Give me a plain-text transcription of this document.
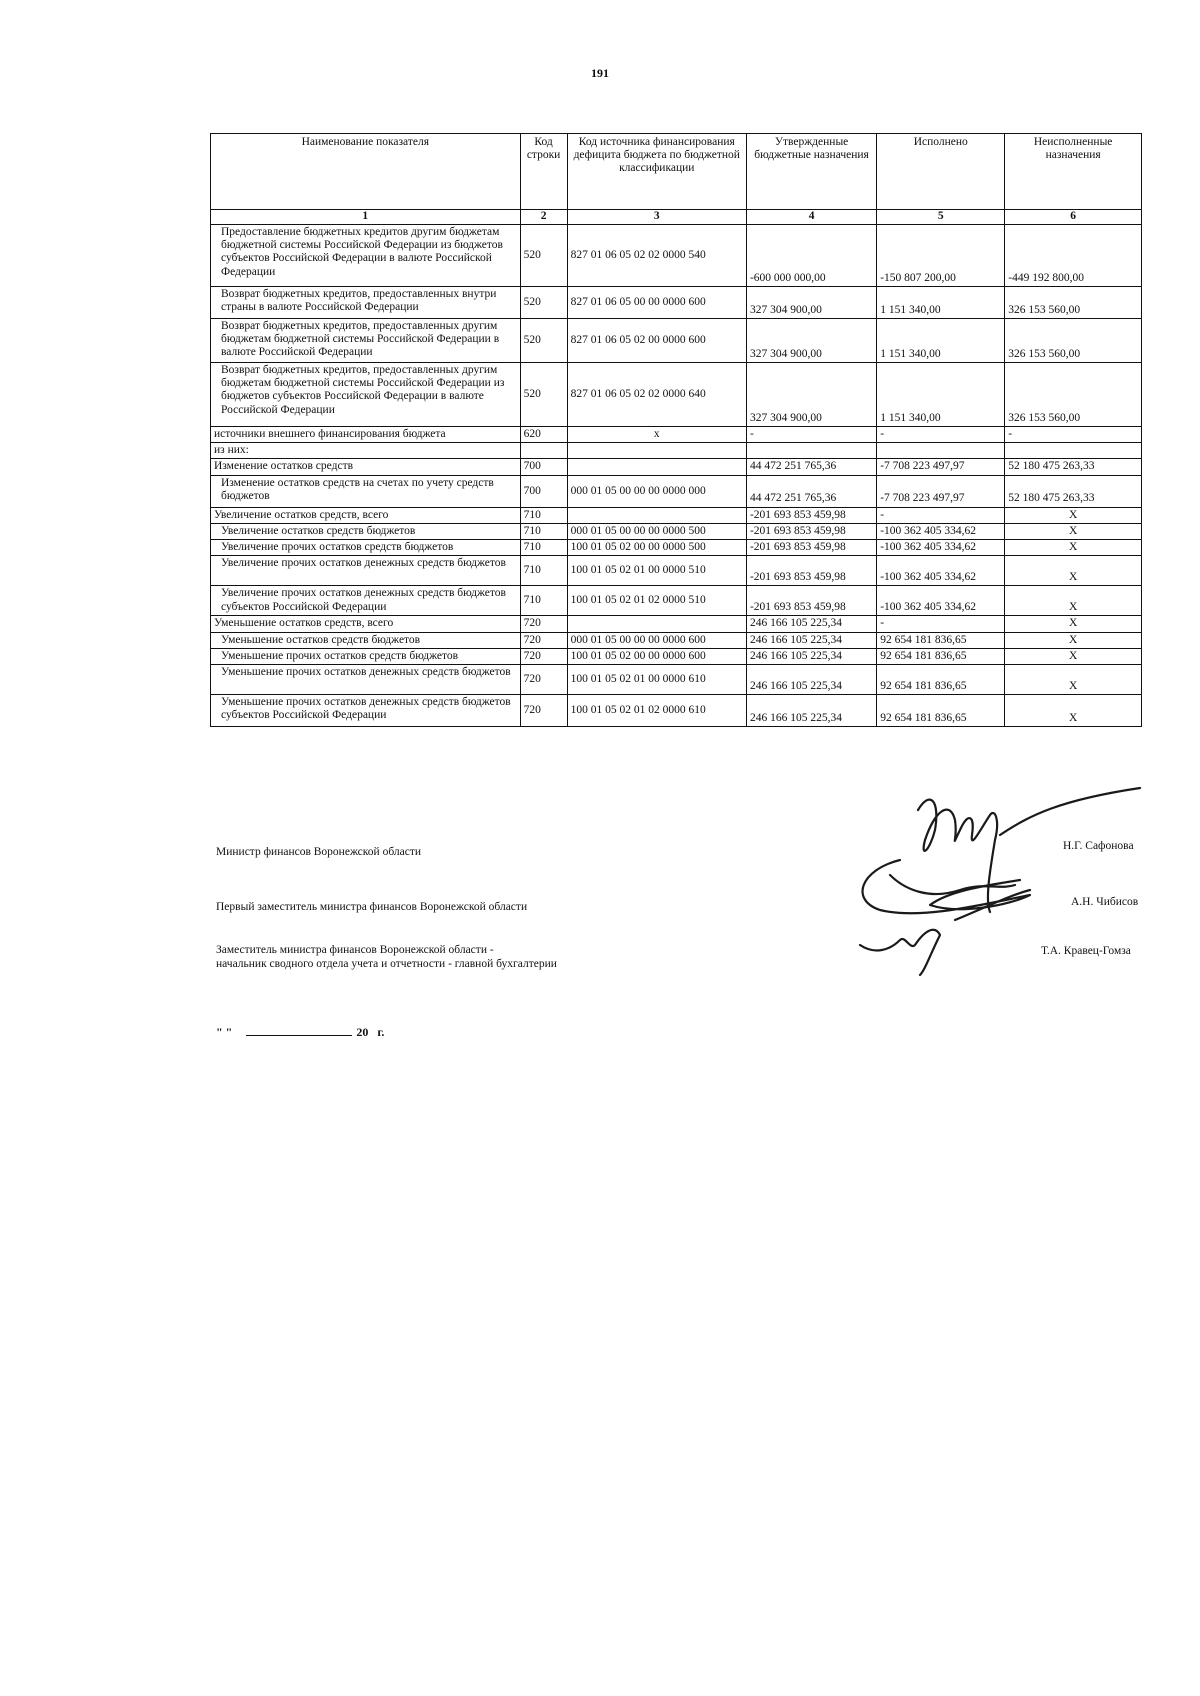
191
Наименование показателя	Код строки	Код источника финансирования дефицита бюджета по бюджетной классификации	Утвержденные бюджетные назначения	Исполнено	Неисполненные назначения
1	2	3	4	5	6
Предоставление бюджетных кредитов другим бюджетам бюджетной системы Российской Федерации из бюджетов субъектов Российской Федерации в валюте Российской Федерации	520	827 01 06 05 02 02 0000 540	-600 000 000,00	-150 807 200,00	-449 192 800,00
Возврат бюджетных кредитов, предоставленных внутри страны в валюте Российской Федерации	520	827 01 06 05 00 00 0000 600	327 304 900,00	1 151 340,00	326 153 560,00
Возврат бюджетных кредитов, предоставленных другим бюджетам бюджетной системы Российской Федерации в валюте Российской Федерации	520	827 01 06 05 02 00 0000 600	327 304 900,00	1 151 340,00	326 153 560,00
Возврат бюджетных кредитов, предоставленных другим бюджетам бюджетной системы Российской Федерации из бюджетов субъектов Российской Федерации в валюте Российской Федерации	520	827 01 06 05 02 02 0000 640	327 304 900,00	1 151 340,00	326 153 560,00
источники внешнего финансирования бюджета	620	x	-	-	-
из них:					
Изменение остатков средств	700		44 472 251 765,36	-7 708 223 497,97	52 180 475 263,33
Изменение остатков средств на счетах по учету средств бюджетов	700	000 01 05 00 00 00 0000 000	44 472 251 765,36	-7 708 223 497,97	52 180 475 263,33
Увеличение остатков средств, всего	710		-201 693 853 459,98	-	X
Увеличение остатков средств бюджетов	710	000 01 05 00 00 00 0000 500	-201 693 853 459,98	-100 362 405 334,62	X
Увеличение прочих остатков средств бюджетов	710	100 01 05 02 00 00 0000 500	-201 693 853 459,98	-100 362 405 334,62	X
Увеличение прочих остатков денежных средств бюджетов	710	100 01 05 02 01 00 0000 510	-201 693 853 459,98	-100 362 405 334,62	X
Увеличение прочих остатков денежных средств бюджетов субъектов Российской Федерации	710	100 01 05 02 01 02 0000 510	-201 693 853 459,98	-100 362 405 334,62	X
Уменьшение остатков средств, всего	720		246 166 105 225,34	-	X
Уменьшение остатков средств бюджетов	720	000 01 05 00 00 00 0000 600	246 166 105 225,34	92 654 181 836,65	X
Уменьшение прочих остатков средств бюджетов	720	100 01 05 02 00 00 0000 600	246 166 105 225,34	92 654 181 836,65	X
Уменьшение прочих остатков денежных средств бюджетов	720	100 01 05 02 01 00 0000 610	246 166 105 225,34	92 654 181 836,65	X
Уменьшение прочих остатков денежных средств бюджетов субъектов Российской Федерации	720	100 01 05 02 01 02 0000 610	246 166 105 225,34	92 654 181 836,65	X
Министр финансов Воронежской области	Н.Г. Сафонова
Первый заместитель министра финансов Воронежской области	А.Н. Чибисов
Заместитель министра финансов Воронежской области -
начальник сводного отдела учета и отчетности - главной бухгалтерии
Т.А. Кравец-Гомза
" "	20 г.
